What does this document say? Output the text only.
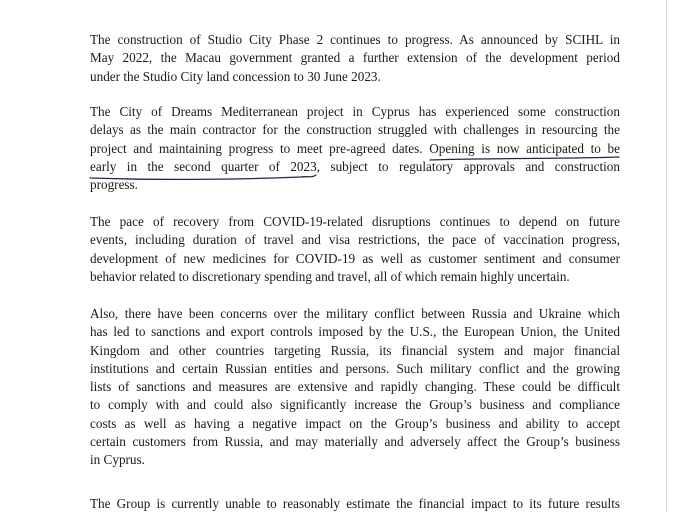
The construction of Studio City Phase 2 continues to progress. As announced by SCIHL in
May 2022, the Macau government granted a further extension of the development period
under the Studio City land concession to 30 June 2023.

The City of Dreams Mediterranean project in Cyprus has experienced some construction
delays as the main contractor for the construction struggled with challenges in resourcing the
project and maintaining progress to meet pre-agreed dates. Opening is now anticipated to be
early in the second quarter of 2023, subject to regulatory approvals and construction
progress.

The pace of recovery from COVID-19-related disruptions continues to depend on future
events, including duration of travel and visa restrictions, the pace of vaccination progress,
development of new medicines for COVID-19 as well as customer sentiment and consumer
behavior related to discretionary spending and travel, all of which remain highly uncertain.

Also, there have been concerns over the military conflict between Russia and Ukraine which
has led to sanctions and export controls imposed by the U.S., the European Union, the United
Kingdom and other countries targeting Russia, its financial system and major financial
institutions and certain Russian entities and persons. Such military conflict and the growing
lists of sanctions and measures are extensive and rapidly changing. These could be difficult
to comply with and could also significantly increase the Group’s business and compliance
costs as well as having a negative impact on the Group’s business and ability to accept
certain customers from Russia, and may materially and adversely affect the Group’s business
in Cyprus.

The Group is currently unable to reasonably estimate the financial impact to its future results
